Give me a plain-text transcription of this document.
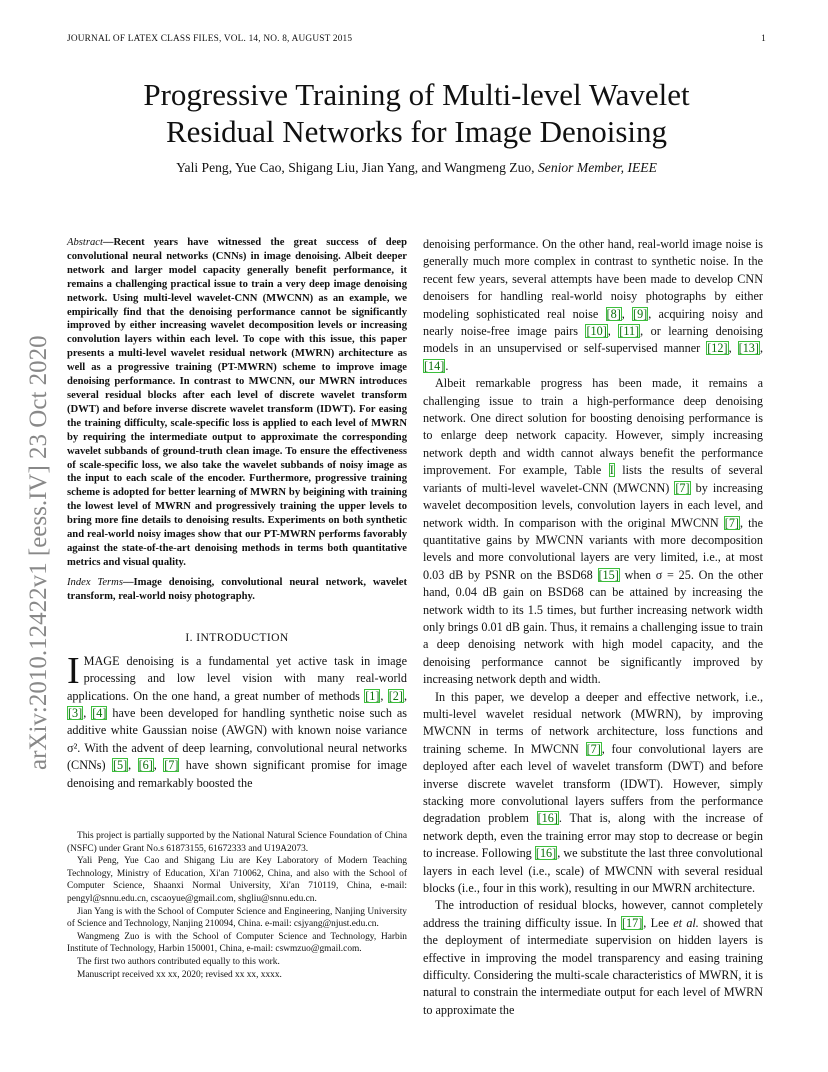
JOURNAL OF LATEX CLASS FILES, VOL. 14, NO. 8, AUGUST 2015	1
arXiv:2010.12422v1 [eess.IV] 23 Oct 2020
Progressive Training of Multi-level Wavelet
Residual Networks for Image Denoising
Yali Peng, Yue Cao, Shigang Liu, Jian Yang, and Wangmeng Zuo, Senior Member, IEEE

Abstract—Recent years have witnessed the great success of deep convolutional neural networks (CNNs) in image denoising. Albeit deeper network and larger model capacity generally benefit performance, it remains a challenging practical issue to train a very deep image denoising network. Using multi-level wavelet-CNN (MWCNN) as an example, we empirically find that the denoising performance cannot be significantly improved by either increasing wavelet decomposition levels or increasing convolution layers within each level. To cope with this issue, this paper presents a multi-level wavelet residual network (MWRN) architecture as well as a progressive training (PT-MWRN) scheme to improve image denoising performance. In contrast to MWCNN, our MWRN introduces several residual blocks after each level of discrete wavelet transform (DWT) and before inverse discrete wavelet transform (IDWT). For easing the training difficulty, scale-specific loss is applied to each level of MWRN by requiring the intermediate output to approximate the corresponding wavelet subbands of ground-truth clean image. To ensure the effectiveness of scale-specific loss, we also take the wavelet subbands of noisy image as the input to each scale of the encoder. Furthermore, progressive training scheme is adopted for better learning of MWRN by beigining with training the lowest level of MWRN and progressively training the upper levels to bring more fine details to denoising results. Experiments on both synthetic and real-world noisy images show that our PT-MWRN performs favorably against the state-of-the-art denoising methods in terms both quantitative metrics and visual quality.

Index Terms—Image denoising, convolutional neural network, wavelet transform, real-world noisy photography.

I. INTRODUCTION

IMAGE denoising is a fundamental yet active task in image processing and low level vision with many real-world applications. On the one hand, a great number of methods [1], [2], [3], [4] have been developed for handling synthetic noise such as additive white Gaussian noise (AWGN) with known noise variance σ². With the advent of deep learning, convolutional neural networks (CNNs) [5], [6], [7] have shown significant promise for image denoising and remarkably boosted the

This project is partially supported by the National Natural Science Foundation of China (NSFC) under Grant No.s 61873155, 61672333 and U19A2073.

Yali Peng, Yue Cao and Shigang Liu are Key Laboratory of Modern Teaching Technology, Ministry of Education, Xi'an 710062, China, and also with the School of Computer Science, Shaanxi Normal University, Xi'an 710119, China, e-mail: pengyl@snnu.edu.cn, cscaoyue@gmail.com, shgliu@snnu.edu.cn.

Jian Yang is with the School of Computer Science and Engineering, Nanjing University of Science and Technology, Nanjing 210094, China. e-mail: csjyang@njust.edu.cn.

Wangmeng Zuo is with the School of Computer Science and Technology, Harbin Institute of Technology, Harbin 150001, China, e-mail: cswmzuo@gmail.com.

The first two authors contributed equally to this work.

Manuscript received xx xx, 2020; revised xx xx, xxxx.

denoising performance. On the other hand, real-world image noise is generally much more complex in contrast to synthetic noise. In the recent few years, several attempts have been made to develop CNN denoisers for handling real-world noisy photographs by either modeling sophisticated real noise [8], [9], acquiring noisy and nearly noise-free image pairs [10], [11], or learning denoising models in an unsupervised or self-supervised manner [12], [13], [14].

Albeit remarkable progress has been made, it remains a challenging issue to train a high-performance deep denoising network. One direct solution for boosting denoising performance is to enlarge deep network capacity. However, simply increasing network depth and width cannot always benefit the performance improvement. For example, Table I lists the results of several variants of multi-level wavelet-CNN (MWCNN) [7] by increasing wavelet decomposition levels, convolution layers in each level, and network width. In comparison with the original MWCNN [7], the quantitative gains by MWCNN variants with more decomposition levels and more convolutional layers are very limited, i.e., at most 0.03 dB by PSNR on the BSD68 [15] when σ = 25. On the other hand, 0.04 dB gain on BSD68 can be attained by increasing the network width to its 1.5 times, but further increasing network width only brings 0.01 dB gain. Thus, it remains a challenging issue to train a deep denoising network with high model capacity, and the denoising performance cannot be significantly improved by increasing network depth and width.

In this paper, we develop a deeper and effective network, i.e., multi-level wavelet residual network (MWRN), by improving MWCNN in terms of network architecture, loss functions and training scheme. In MWCNN [7], four convolutional layers are deployed after each level of wavelet transform (DWT) and before inverse discrete wavelet transform (IDWT). However, simply stacking more convolutional layers suffers from the performance degradation problem [16]. That is, along with the increase of network depth, even the training error may stop to decrease or begin to increase. Following [16], we substitute the last three convolutional layers in each level (i.e., scale) of MWCNN with several residual blocks (i.e., four in this work), resulting in our MWRN architecture.

The introduction of residual blocks, however, cannot completely address the training difficulty issue. In [17], Lee et al. showed that the deployment of intermediate supervision on hidden layers is effective in improving the model transparency and easing training difficulty. Considering the multi-scale characteristics of MWRN, it is natural to constrain the intermediate output for each level of MWRN to approximate the
